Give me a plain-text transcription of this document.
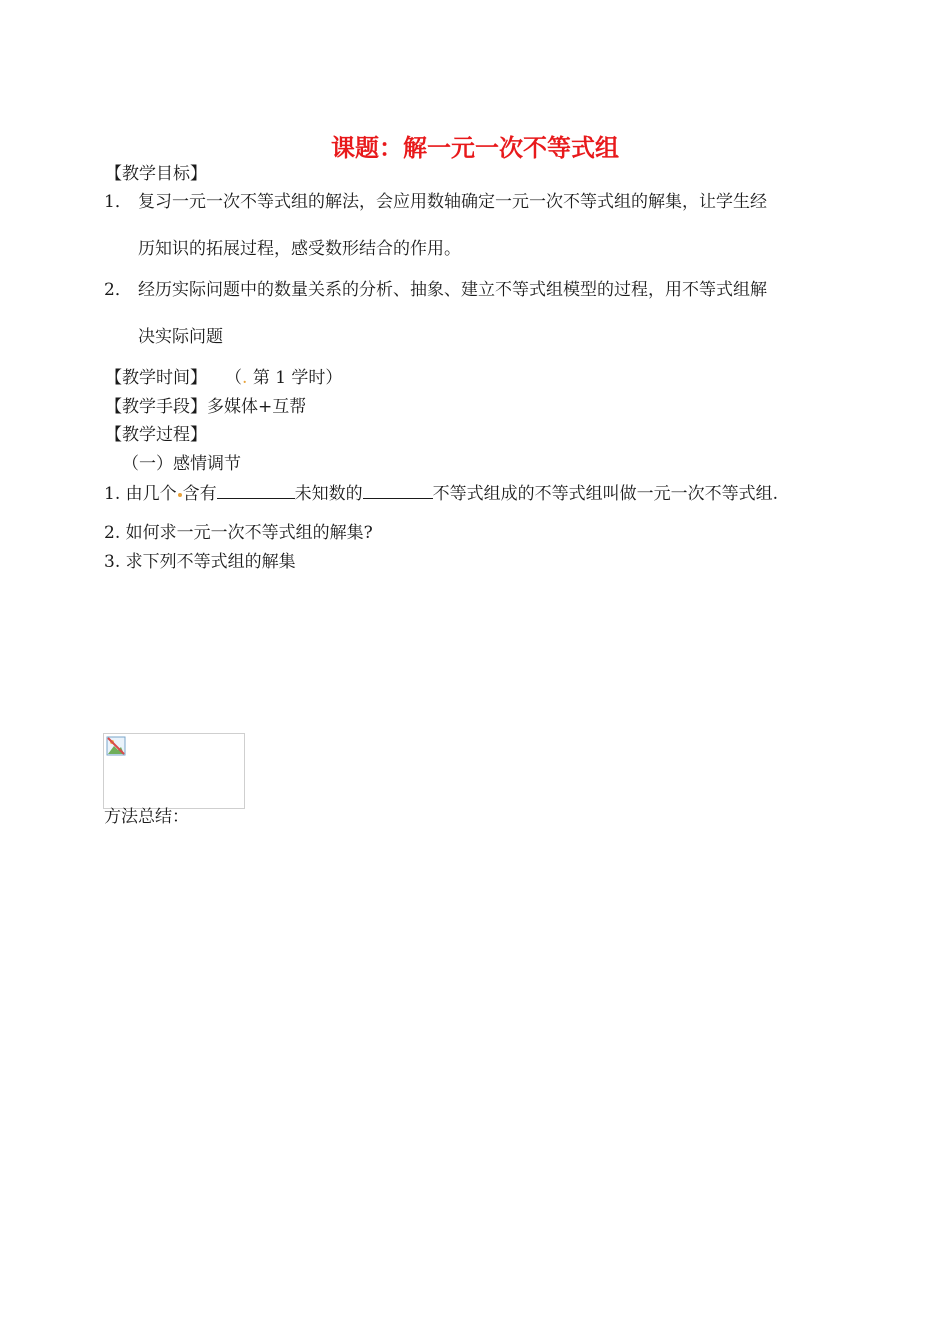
课题：解一元一次不等式组
【教学目标】
1． 复习一元一次不等式组的解法，会应用数轴确定一元一次不等式组的解集，让学生经
历知识的拓展过程，感受数形结合的作用。
2． 经历实际问题中的数量关系的分析、抽象、建立不等式组模型的过程，用不等式组解
决实际问题
【教学时间】 （. 第 1 学时）
【教学手段】多媒体+互帮
【教学过程】
（一）感情调节
1. 由几个 含有	未知数的	不等式组成的不等式组叫做一元一次不等式组.
2. 如何求一元一次不等式组的解集?
3. 求下列不等式组的解集
方法总结：
